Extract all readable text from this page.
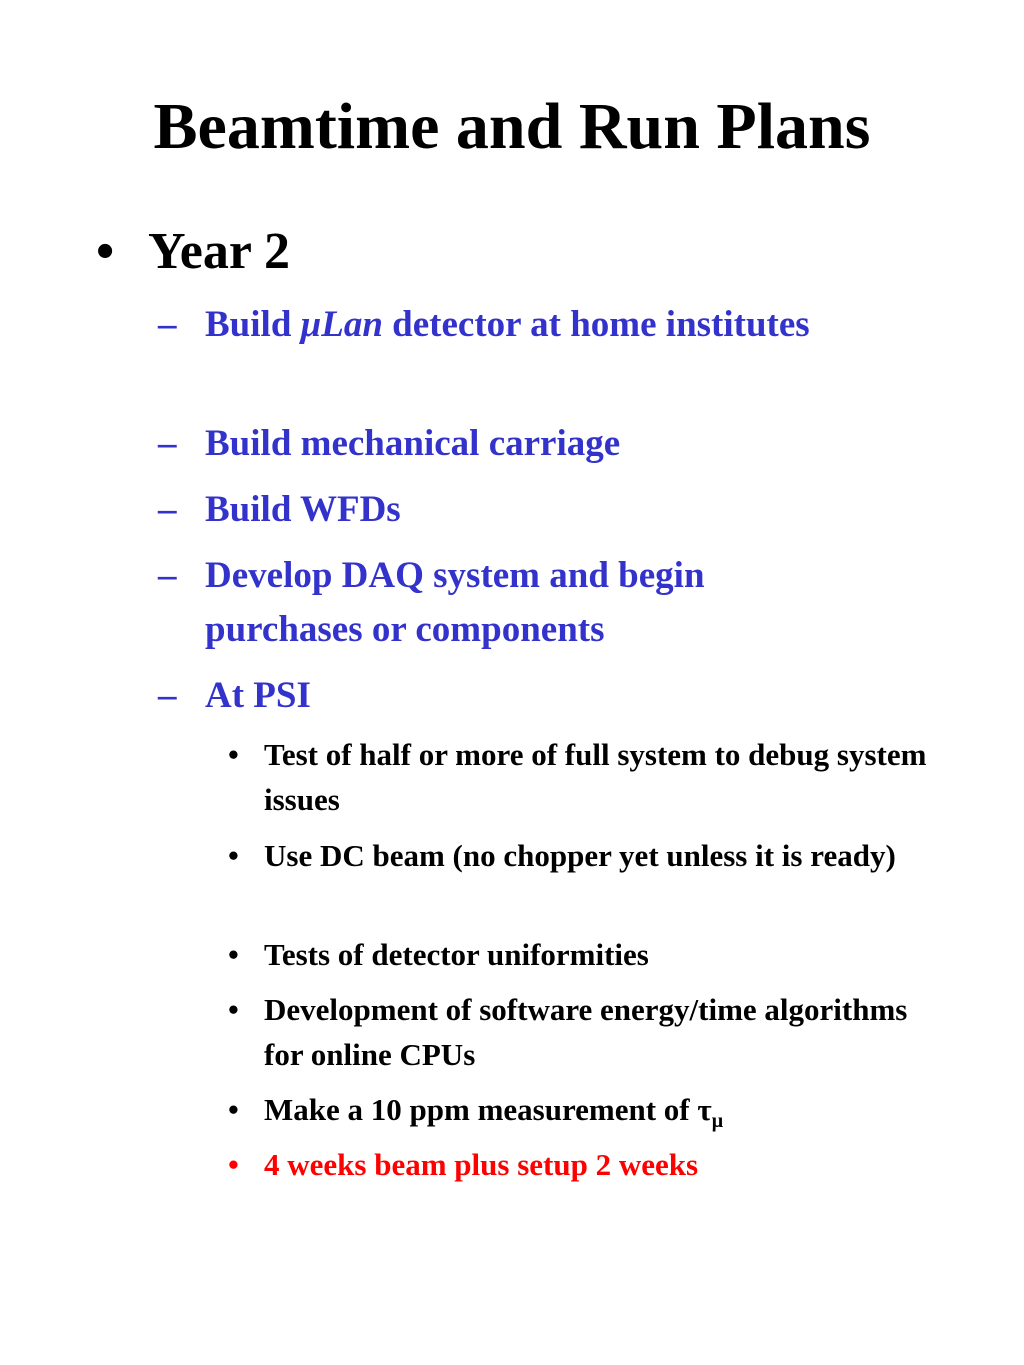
Beamtime and Run Plans
• Year 2
– Build μLan detector at home institutes
– Build mechanical carriage
– Build WFDs
– Develop DAQ system and begin purchases or components
– At PSI
• Test of half or more of full system to debug system issues
• Use DC beam (no chopper yet unless it is ready)
• Tests of detector uniformities
• Development of software energy/time algorithms for online CPUs
• Make a 10 ppm measurement of $\tau_\mu$
• 4 weeks beam plus setup 2 weeks
